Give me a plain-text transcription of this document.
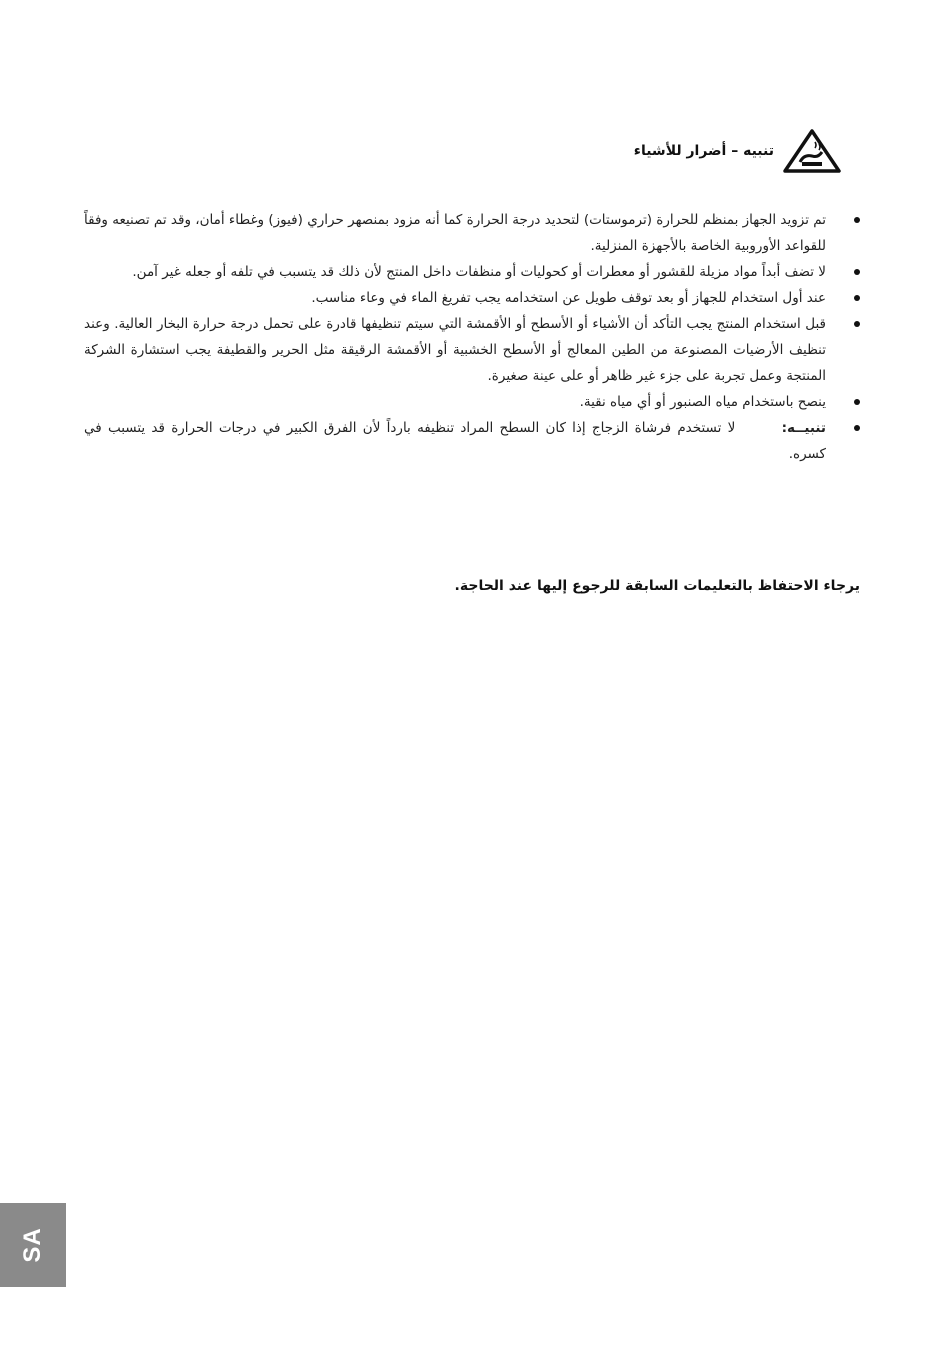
تنبيه – أضرار للأشياء
تم تزويد الجهاز بمنظم للحرارة (ترموستات) لتحديد درجة الحرارة كما أنه مزود بمنصهر حراري (فيوز) وغطاء أمان، وقد تم تصنيعه وفقاً للقواعد الأوروبية الخاصة بالأجهزة المنزلية.
لا تضف أبداً مواد مزيلة للقشور أو معطرات أو كحوليات أو منظفات داخل المنتج لأن ذلك قد يتسبب في تلفه أو جعله غير آمن.
عند أول استخدام للجهاز أو بعد توقف طويل عن استخدامه يجب تفريغ الماء في وعاء مناسب.
قبل استخدام المنتج يجب التأكد أن الأشياء أو الأسطح أو الأقمشة التي سيتم تنظيفها قادرة على تحمل درجة حرارة البخار العالية. وعند تنظيف الأرضيات المصنوعة من الطين المعالج أو الأسطح الخشبية أو الأقمشة الرقيقة مثل الحرير والقطيفة يجب استشارة الشركة المنتجة وعمل تجربة على جزء غير ظاهر أو على عينة صغيرة.
ينصح باستخدام مياه الصنبور أو أي مياه نقية.
تنبيــه: لا تستخدم فرشاة الزجاج إذا كان السطح المراد تنظيفه بارداً لأن الفرق الكبير في درجات الحرارة قد يتسبب في كسره.
يرجاء الاحتفاظ بالتعليمات السابقة للرجوع إليها عند الحاجة.
SA
